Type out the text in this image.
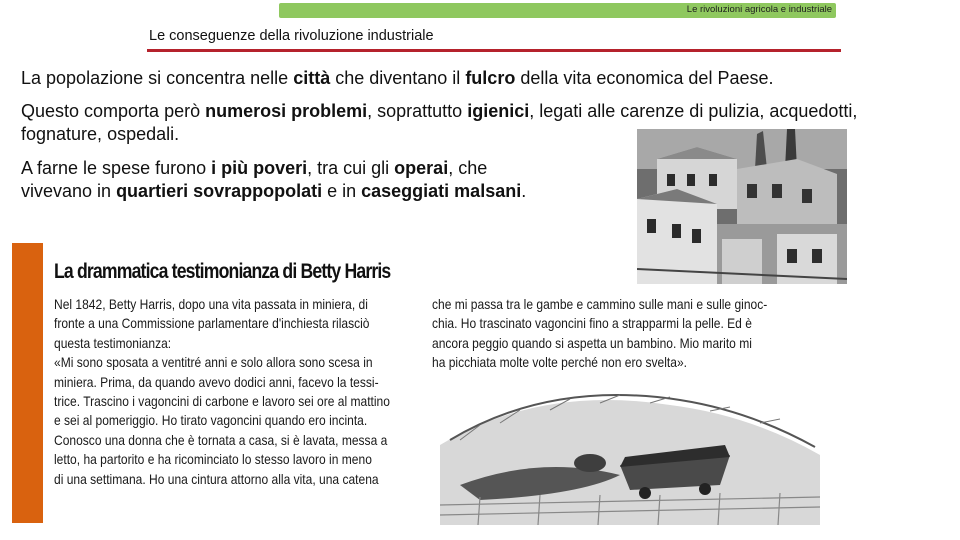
Le rivoluzioni agricola e industriale
Le conseguenze della rivoluzione industriale
La popolazione si concentra nelle città che diventano il fulcro della vita economica del Paese.
Questo comporta però numerosi problemi, soprattutto igienici, legati alle carenze di pulizia, acquedotti, fognature, ospedali.
A farne le spese furono i più poveri, tra cui gli operai, che vivevano in quartieri sovrappopolati e in caseggiati malsani.
La drammatica testimonianza di Betty Harris
Nel 1842, Betty Harris, dopo una vita passata in miniera, di
fronte a una Commissione parlamentare d'inchiesta rilasciò
questa testimonianza:
«Mi sono sposata a ventitré anni e solo allora sono scesa in
miniera. Prima, da quando avevo dodici anni, facevo la tessi-
trice. Trascino i vagoncini di carbone e lavoro sei ore al mattino
e sei al pomeriggio. Ho tirato vagoncini quando ero incinta.
Conosco una donna che è tornata a casa, si è lavata, messa a
letto, ha partorito e ha ricominciato lo stesso lavoro in meno
di una settimana. Ho una cintura attorno alla vita, una catena
che mi passa tra le gambe e cammino sulle mani e sulle ginoc-
chia. Ho trascinato vagoncini fino a strapparmi la pelle. Ed è
ancora peggio quando si aspetta un bambino. Mio marito mi
ha picchiata molte volte perché non ero svelta».
